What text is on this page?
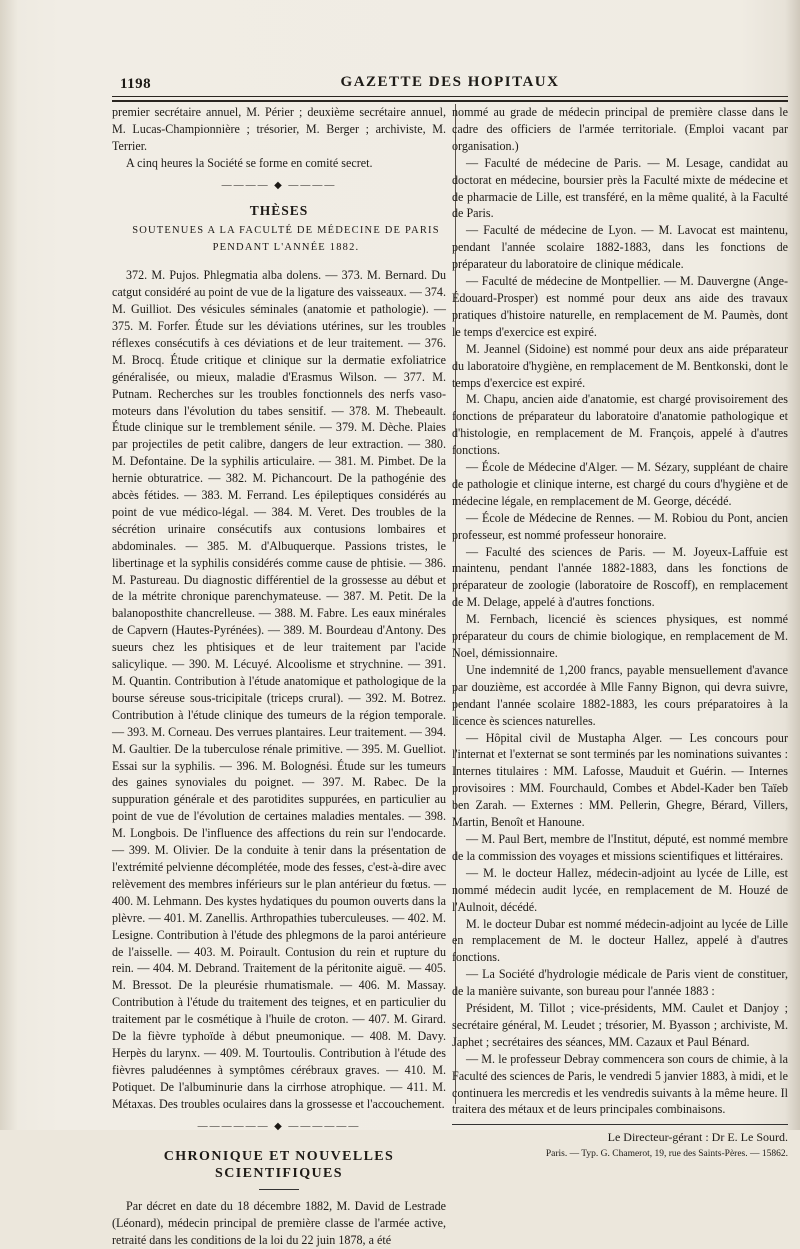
1198	GAZETTE DES HOPITAUX

premier secrétaire annuel, M. Périer ; deuxième secrétaire annuel, M. Lucas-Championnière ; trésorier, M. Berger ; archiviste, M. Terrier.

A cinq heures la Société se forme en comité secret.

———— ◆ ————
THÈSES

SOUTENUES A LA FACULTÉ DE MÉDECINE DE PARIS

PENDANT L'ANNÉE 1882.

372. M. Pujos. Phlegmatia alba dolens. — 373. M. Bernard. Du catgut considéré au point de vue de la ligature des vaisseaux. — 374. M. Guilliot. Des vésicules séminales (anatomie et pathologie). — 375. M. Forfer. Étude sur les déviations utérines, sur les troubles réflexes consécutifs à ces déviations et de leur traitement. — 376. M. Brocq. Étude critique et clinique sur la dermatie exfoliatrice généralisée, ou mieux, maladie d'Erasmus Wilson. — 377. M. Putnam. Recherches sur les troubles fonctionnels des nerfs vaso-moteurs dans l'évolution du tabes sensitif. — 378. M. Thebeault. Étude clinique sur le tremblement sénile. — 379. M. Dèche. Plaies par projectiles de petit calibre, dangers de leur extraction. — 380. M. Defontaine. De la syphilis articulaire. — 381. M. Pimbet. De la hernie obturatrice. — 382. M. Pichancourt. De la pathogénie des abcès fétides. — 383. M. Ferrand. Les épileptiques considérés au point de vue médico-légal. — 384. M. Veret. Des troubles de la sécrétion urinaire consécutifs aux contusions lombaires et abdominales. — 385. M. d'Albuquerque. Passions tristes, le libertinage et la syphilis considérés comme cause de phtisie. — 386. M. Pastureau. Du diagnostic différentiel de la grossesse au début et de la métrite chronique parenchymateuse. — 387. M. Petit. De la balanoposthite chancrelleuse. — 388. M. Fabre. Les eaux minérales de Capvern (Hautes-Pyrénées). — 389. M. Bourdeau d'Antony. Des sueurs chez les phtisiques et de leur traitement par l'acide salicylique. — 390. M. Lécuyé. Alcoolisme et strychnine. — 391. M. Quantin. Contribution à l'étude anatomique et pathologique de la bourse séreuse sous-tricipitale (triceps crural). — 392. M. Botrez. Contribution à l'étude clinique des tumeurs de la région temporale. — 393. M. Corneau. Des verrues plantaires. Leur traitement. — 394. M. Gaultier. De la tuberculose rénale primitive. — 395. M. Guelliot. Essai sur la syphilis. — 396. M. Bolognési. Étude sur les tumeurs des gaines synoviales du poignet. — 397. M. Rabec. De la suppuration générale et des parotidites suppurées, en particulier au point de vue de l'évolution de certaines maladies mentales. — 398. M. Longbois. De l'influence des affections du rein sur l'endocarde. — 399. M. Olivier. De la conduite à tenir dans la présentation de l'extrémité pelvienne décomplétée, mode des fesses, c'est-à-dire avec relèvement des membres inférieurs sur le plan antérieur du fœtus. — 400. M. Lehmann. Des kystes hydatiques du poumon ouverts dans la plèvre. — 401. M. Zanellis. Arthropathies tuberculeuses. — 402. M. Lesigne. Contribution à l'étude des phlegmons de la paroi antérieure de l'aisselle. — 403. M. Poirault. Contusion du rein et rupture du rein. — 404. M. Debrand. Traitement de la péritonite aiguë. — 405. M. Bressot. De la pleurésie rhumatismale. — 406. M. Massay. Contribution à l'étude du traitement des teignes, et en particulier du traitement par le cosmétique à l'huile de croton. — 407. M. Girard. De la fièvre typhoïde à début pneumonique. — 408. M. Davy. Herpès du larynx. — 409. M. Tourtoulis. Contribution à l'étude des fièvres paludéennes à symptômes cérébraux graves. — 410. M. Potiquet. De l'albuminurie dans la cirrhose atrophique. — 411. M. Métaxas. Des troubles oculaires dans la grossesse et l'accouchement.

—————— ◆ ——————
CHRONIQUE ET NOUVELLES SCIENTIFIQUES

Par décret en date du 18 décembre 1882, M. David de Lestrade (Léonard), médecin principal de première classe de l'armée active, retraité dans les conditions de la loi du 22 juin 1878, a été

nommé au grade de médecin principal de première classe dans le cadre des officiers de l'armée territoriale. (Emploi vacant par organisation.)

— Faculté de médecine de Paris. — M. Lesage, candidat au doctorat en médecine, boursier près la Faculté mixte de médecine et de pharmacie de Lille, est transféré, en la même qualité, à la Faculté de Paris.

— Faculté de médecine de Lyon. — M. Lavocat est maintenu, pendant l'année scolaire 1882-1883, dans les fonctions de préparateur du laboratoire de clinique médicale.

— Faculté de médecine de Montpellier. — M. Dauvergne (Ange-Édouard-Prosper) est nommé pour deux ans aide des travaux pratiques d'histoire naturelle, en remplacement de M. Paumès, dont le temps d'exercice est expiré.

M. Jeannel (Sidoine) est nommé pour deux ans aide préparateur du laboratoire d'hygiène, en remplacement de M. Bentkonski, dont le temps d'exercice est expiré.

M. Chapu, ancien aide d'anatomie, est chargé provisoirement des fonctions de préparateur du laboratoire d'anatomie pathologique et d'histologie, en remplacement de M. François, appelé à d'autres fonctions.

— École de Médecine d'Alger. — M. Sézary, suppléant de chaire de pathologie et clinique interne, est chargé du cours d'hygiène et de médecine légale, en remplacement de M. George, décédé.

— École de Médecine de Rennes. — M. Robiou du Pont, ancien professeur, est nommé professeur honoraire.

— Faculté des sciences de Paris. — M. Joyeux-Laffuie est maintenu, pendant l'année 1882-1883, dans les fonctions de préparateur de zoologie (laboratoire de Roscoff), en remplacement de M. Delage, appelé à d'autres fonctions.

M. Fernbach, licencié ès sciences physiques, est nommé préparateur du cours de chimie biologique, en remplacement de M. Noel, démissionnaire.

Une indemnité de 1,200 francs, payable mensuellement d'avance par douzième, est accordée à Mlle Fanny Bignon, qui devra suivre, pendant l'année scolaire 1882-1883, les cours préparatoires à la licence ès sciences naturelles.

— Hôpital civil de Mustapha Alger. — Les concours pour l'internat et l'externat se sont terminés par les nominations suivantes : Internes titulaires : MM. Lafosse, Mauduit et Guérin. — Internes provisoires : MM. Fourchauld, Combes et Abdel-Kader ben Taïeb ben Zarah. — Externes : MM. Pellerin, Ghegre, Bérard, Villers, Martin, Benoît et Hanoune.

— M. Paul Bert, membre de l'Institut, député, est nommé membre de la commission des voyages et missions scientifiques et littéraires.

— M. le docteur Hallez, médecin-adjoint au lycée de Lille, est nommé médecin audit lycée, en remplacement de M. Houzé de l'Aulnoit, décédé.

M. le docteur Dubar est nommé médecin-adjoint au lycée de Lille en remplacement de M. le docteur Hallez, appelé à d'autres fonctions.

— La Société d'hydrologie médicale de Paris vient de constituer, de la manière suivante, son bureau pour l'année 1883 :

Président, M. Tillot ; vice-présidents, MM. Caulet et Danjoy ; secrétaire général, M. Leudet ; trésorier, M. Byasson ; archiviste, M. Japhet ; secrétaires des séances, MM. Cazaux et Paul Bénard.

— M. le professeur Debray commencera son cours de chimie, à la Faculté des sciences de Paris, le vendredi 5 janvier 1883, à midi, et le continuera les mercredis et les vendredis suivants à la même heure. Il traitera des métaux et de leurs principales combinaisons.

Le Directeur-gérant : Dr E. Le Sourd.

Paris. — Typ. G. Chamerot, 19, rue des Saints-Pères. — 15862.
